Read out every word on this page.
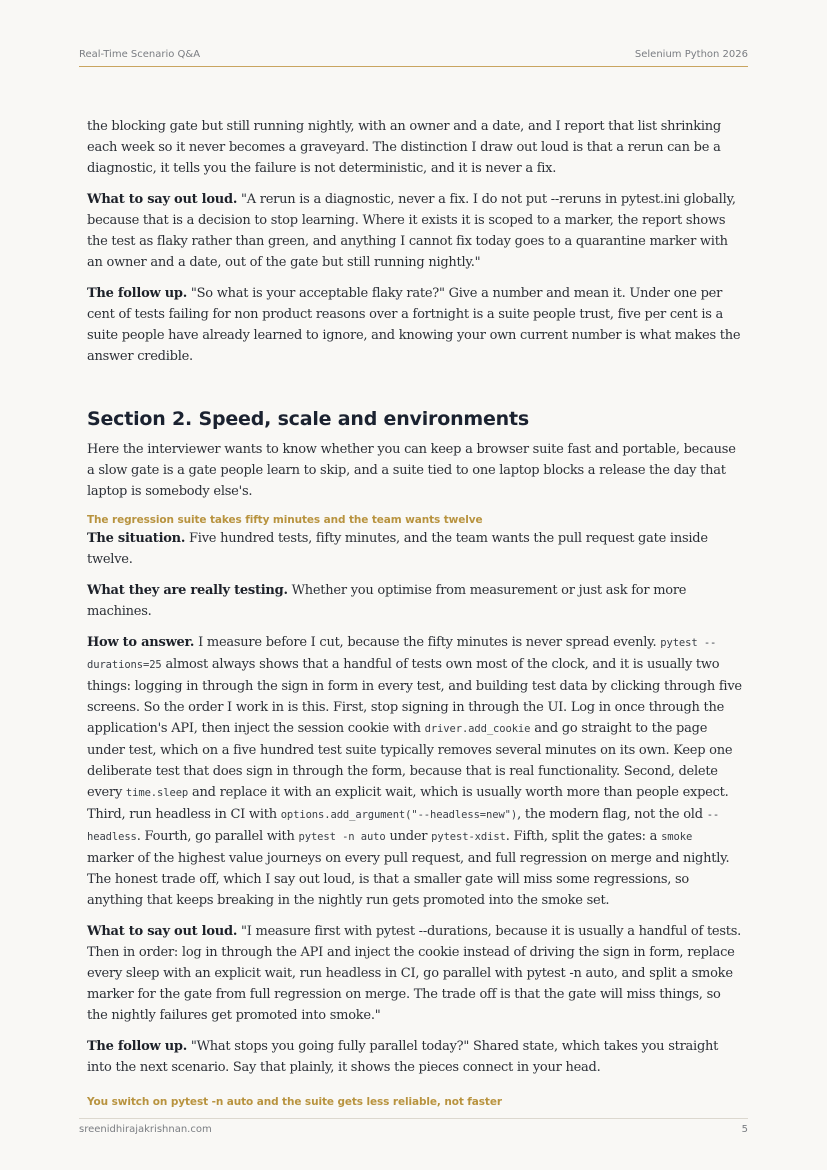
Real-Time Scenario Q&A	Selenium Python 2026

the blocking gate but still running nightly, with an owner and a date, and I report that list shrinking each week so it never becomes a graveyard. The distinction I draw out loud is that a rerun can be a diagnostic, it tells you the failure is not deterministic, and it is never a fix.

What to say out loud. "A rerun is a diagnostic, never a fix. I do not put --reruns in pytest.ini globally, because that is a decision to stop learning. Where it exists it is scoped to a marker, the report shows the test as flaky rather than green, and anything I cannot fix today goes to a quarantine marker with an owner and a date, out of the gate but still running nightly."

The follow up. "So what is your acceptable flaky rate?" Give a number and mean it. Under one per cent of tests failing for non product reasons over a fortnight is a suite people trust, five per cent is a suite people have already learned to ignore, and knowing your own current number is what makes the answer credible.

Section 2. Speed, scale and environments

Here the interviewer wants to know whether you can keep a browser suite fast and portable, because a slow gate is a gate people learn to skip, and a suite tied to one laptop blocks a release the day that laptop is somebody else's.

The regression suite takes fifty minutes and the team wants twelve

The situation. Five hundred tests, fifty minutes, and the team wants the pull request gate inside twelve.

What they are really testing. Whether you optimise from measurement or just ask for more machines.

How to answer. I measure before I cut, because the fifty minutes is never spread evenly. pytest --durations=25 almost always shows that a handful of tests own most of the clock, and it is usually two things: logging in through the sign in form in every test, and building test data by clicking through five screens. So the order I work in is this. First, stop signing in through the UI. Log in once through the application's API, then inject the session cookie with driver.add_cookie and go straight to the page under test, which on a five hundred test suite typically removes several minutes on its own. Keep one deliberate test that does sign in through the form, because that is real functionality. Second, delete every time.sleep and replace it with an explicit wait, which is usually worth more than people expect. Third, run headless in CI with options.add_argument("--headless=new"), the modern flag, not the old --headless. Fourth, go parallel with pytest -n auto under pytest-xdist. Fifth, split the gates: a smoke marker of the highest value journeys on every pull request, and full regression on merge and nightly. The honest trade off, which I say out loud, is that a smaller gate will miss some regressions, so anything that keeps breaking in the nightly run gets promoted into the smoke set.

What to say out loud. "I measure first with pytest --durations, because it is usually a handful of tests. Then in order: log in through the API and inject the cookie instead of driving the sign in form, replace every sleep with an explicit wait, run headless in CI, go parallel with pytest -n auto, and split a smoke marker for the gate from full regression on merge. The trade off is that the gate will miss things, so the nightly failures get promoted into smoke."

The follow up. "What stops you going fully parallel today?" Shared state, which takes you straight into the next scenario. Say that plainly, it shows the pieces connect in your head.

You switch on pytest -n auto and the suite gets less reliable, not faster
sreenidhirajakrishnan.com	5
